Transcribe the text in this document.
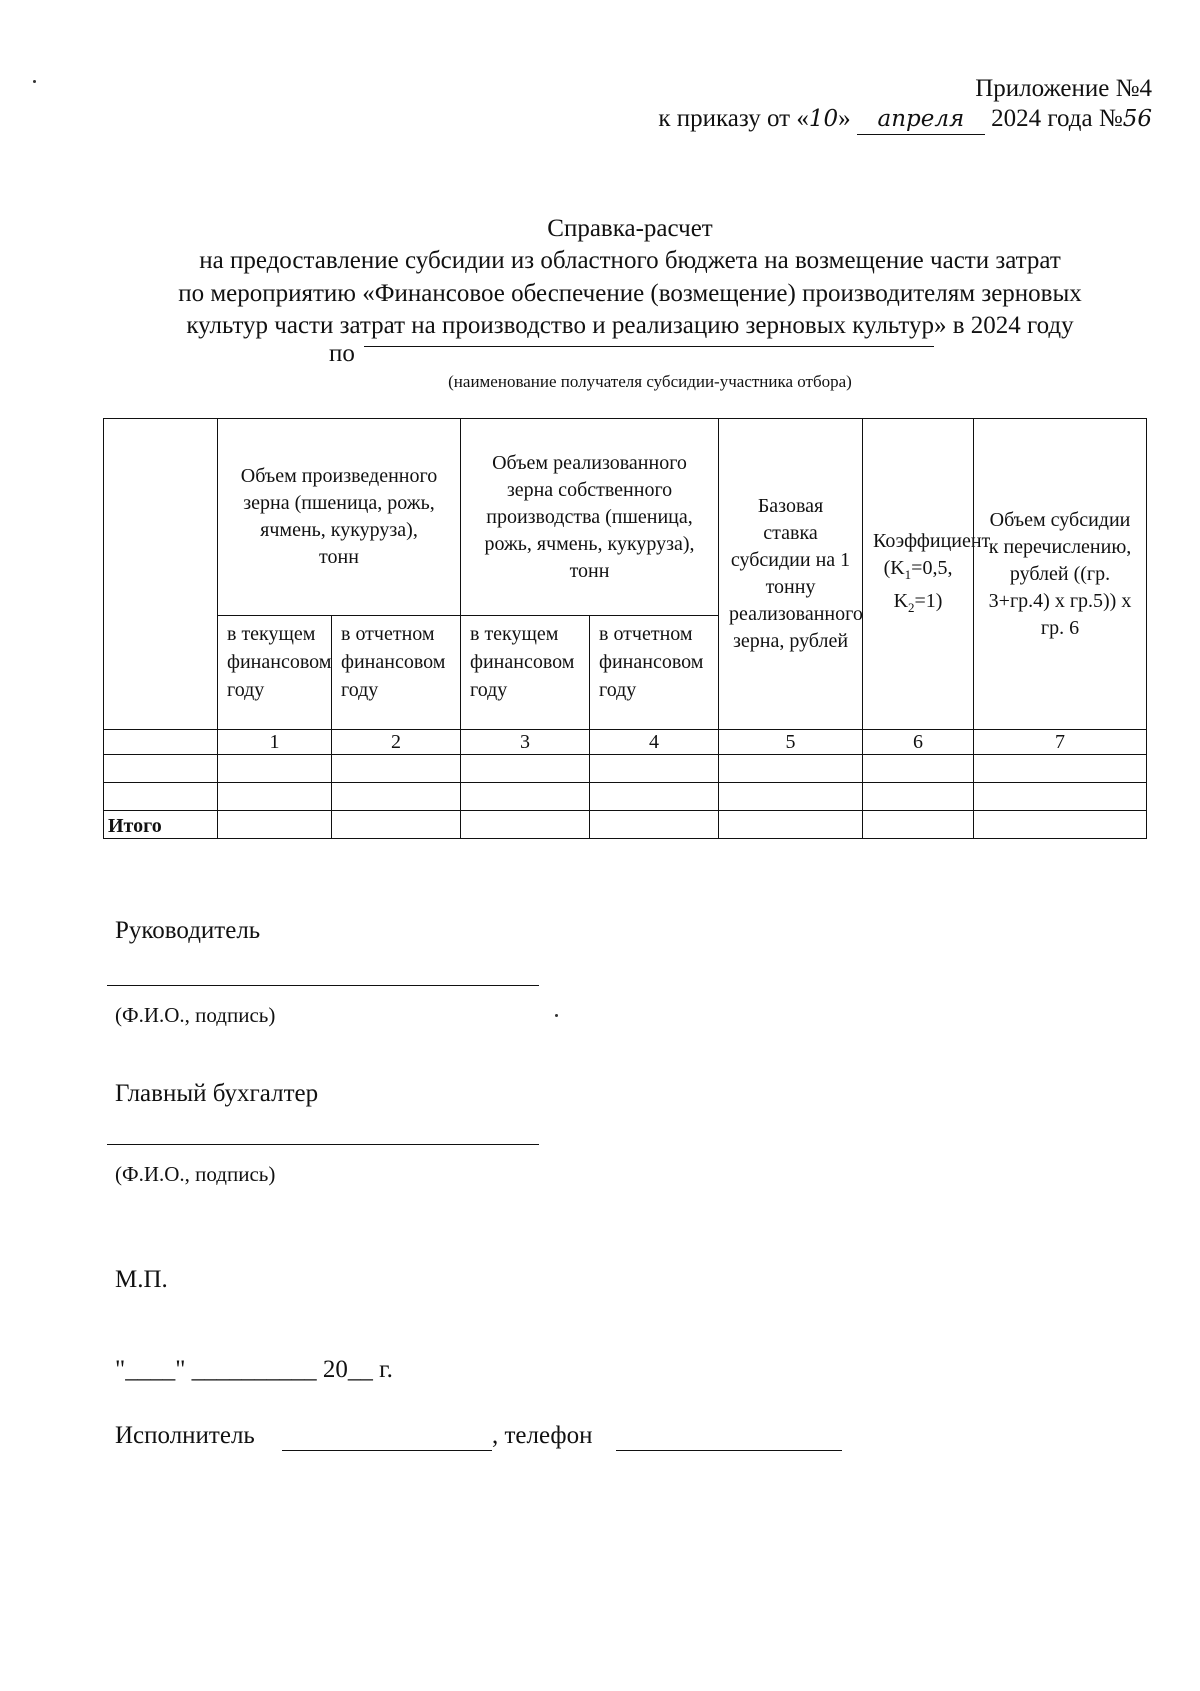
Приложение №4
к приказу от «10» апреля 2024 года №56
Справка-расчет
на предоставление субсидии из областного бюджета на возмещение части затрат
по мероприятию «Финансовое обеспечение (возмещение) производителям зерновых
культур части затрат на производство и реализацию зерновых культур» в 2024 году
по
(наименование получателя субсидии-участника отбора)
	Объем произведенного зерна (пшеница, рожь, ячмень, кукуруза), тонн		Объем реализованного зерна собственного производства (пшеница, рожь, ячмень, кукуруза), тонн		Базовая ставка субсидии на 1 тонну реализованного зерна, рублей	Коэффициент ($K_1=0,5$, $K_2=1$)	Объем субсидии к перечислению, рублей ((гр. 3+гр.4) x гр.5)) x гр. 6
	в текущем финансовом году	в отчетном финансовом году	в текущем финансовом году	в отчетном финансовом году			
	1	2	3	4	5	6	7

Итого							
Руководитель
(Ф.И.О., подпись)
Главный бухгалтер
(Ф.И.О., подпись)
М.П.
"____" __________ 20__ г.
Исполнитель	, телефон
